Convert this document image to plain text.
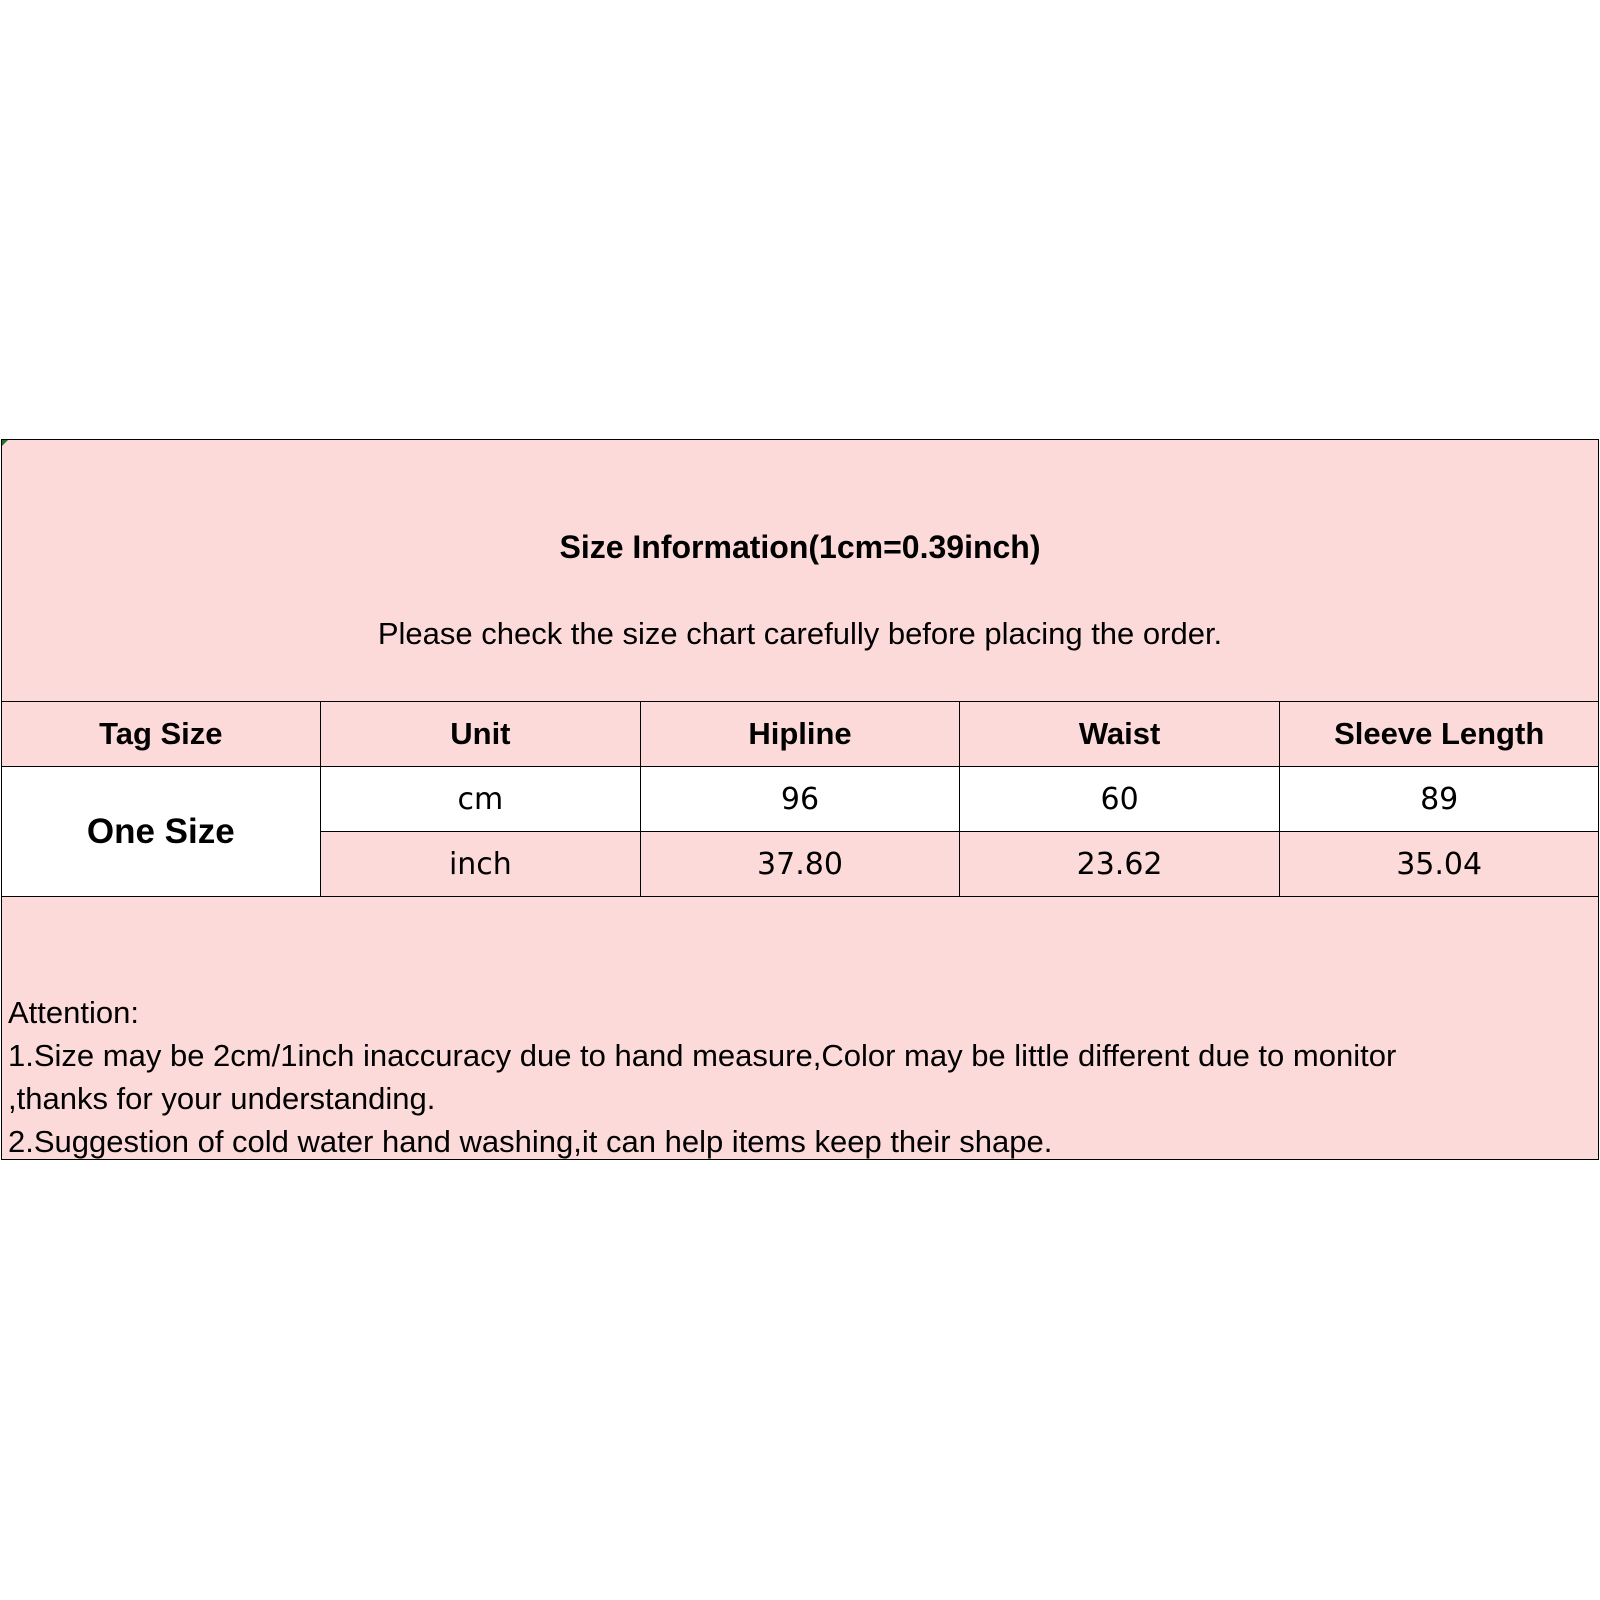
Size Information(1cm=0.39inch)
Please check the size chart carefully before placing the order.
Tag Size	Unit	Hipline	Waist	Sleeve Length
One Size	cm	96	60	89
	inch	37.80	23.62	35.04
Attention:
1.Size may be 2cm/1inch inaccuracy due to hand measure,Color may be little different due to monitor
,thanks for your understanding.
2.Suggestion of cold water hand washing,it can help items keep their shape.
